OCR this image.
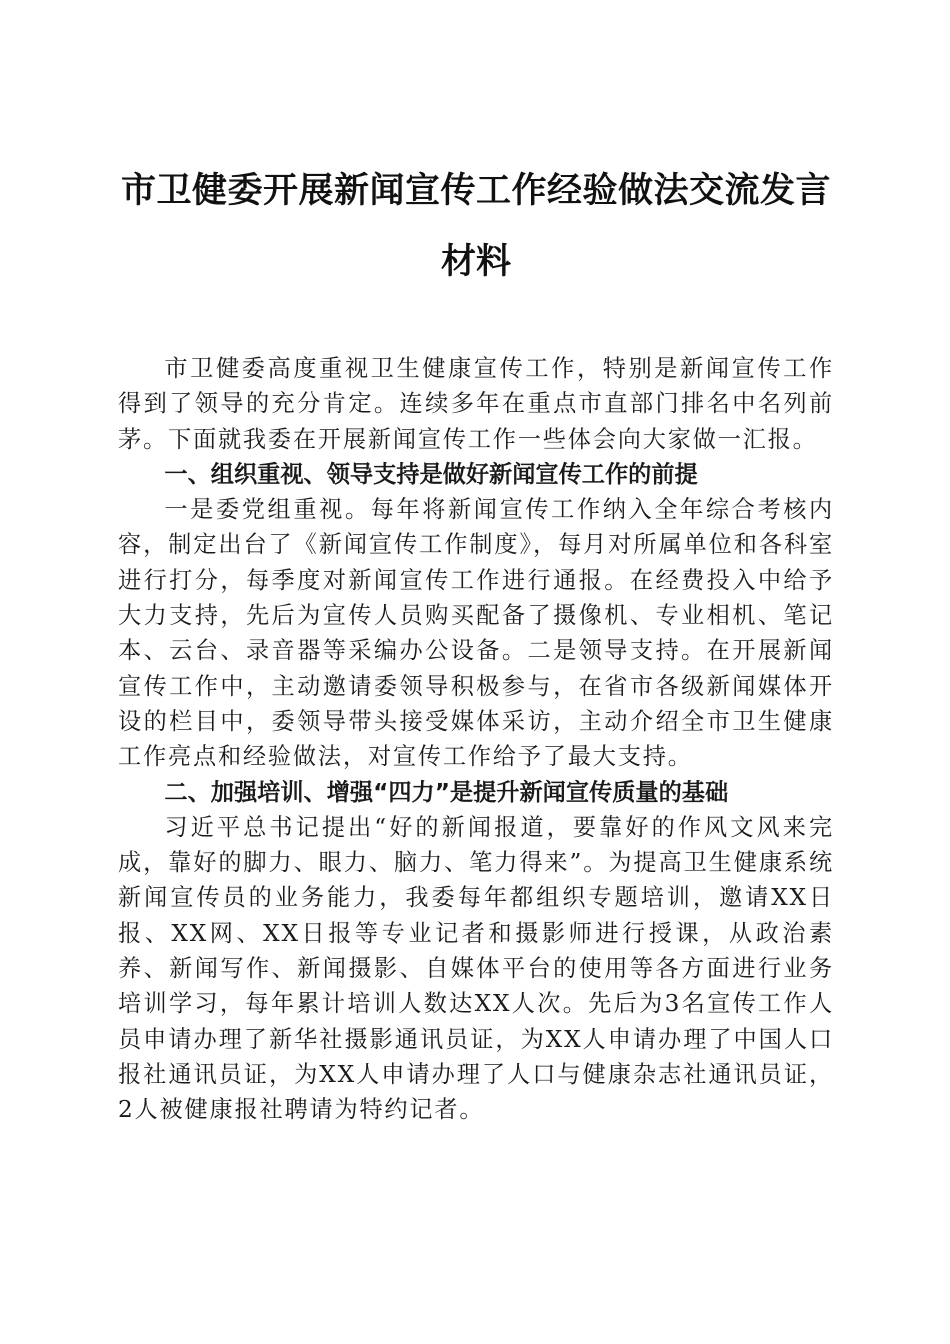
市卫健委开展新闻宣传工作经验做法交流发言
材料

市卫健委高度重视卫生健康宣传工作，特别是新闻宣传工作得到了领导的充分肯定。连续多年在重点市直部门排名中名列前茅。下面就我委在开展新闻宣传工作一些体会向大家做一汇报。

一、组织重视、领导支持是做好新闻宣传工作的前提

一是委党组重视。每年将新闻宣传工作纳入全年综合考核内容，制定出台了《新闻宣传工作制度》，每月对所属单位和各科室进行打分，每季度对新闻宣传工作进行通报。在经费投入中给予大力支持，先后为宣传人员购买配备了摄像机、专业相机、笔记本、云台、录音器等采编办公设备。二是领导支持。在开展新闻宣传工作中，主动邀请委领导积极参与，在省市各级新闻媒体开设的栏目中，委领导带头接受媒体采访，主动介绍全市卫生健康工作亮点和经验做法，对宣传工作给予了最大支持。

二、加强培训、增强“四力”是提升新闻宣传质量的基础

习近平总书记提出“好的新闻报道，要靠好的作风文风来完成，靠好的脚力、眼力、脑力、笔力得来”。为提高卫生健康系统新闻宣传员的业务能力，我委每年都组织专题培训，邀请XX日报、XX网、XX日报等专业记者和摄影师进行授课，从政治素养、新闻写作、新闻摄影、自媒体平台的使用等各方面进行业务培训学习，每年累计培训人数达XX人次。先后为3名宣传工作人员申请办理了新华社摄影通讯员证，为XX人申请办理了中国人口报社通讯员证，为XX人申请办理了人口与健康杂志社通讯员证，2人被健康报社聘请为特约记者。
